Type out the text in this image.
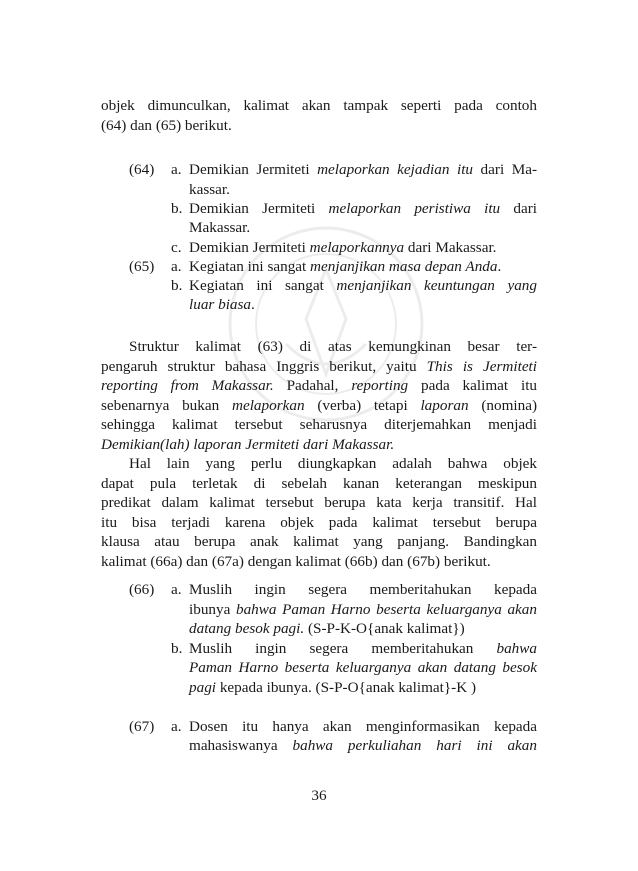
objek dimunculkan, kalimat akan tampak seperti pada contoh
(64) dan (65) berikut.
(64)	a. Demikian Jermiteti melaporkan kejadian itu dari Ma-
kassar.
b. Demikian Jermiteti melaporkan peristiwa itu dari
Makassar.
c. Demikian Jermiteti melaporkannya dari Makassar.
(65)	a. Kegiatan ini sangat menjanjikan masa depan Anda.
b. Kegiatan ini sangat menjanjikan keuntungan yang
luar biasa.
Struktur kalimat (63) di atas kemungkinan besar ter-
pengaruh struktur bahasa Inggris berikut, yaitu This is Jermiteti
reporting from Makassar. Padahal, reporting pada kalimat itu
sebenarnya bukan melaporkan (verba) tetapi laporan (nomina)
sehingga kalimat tersebut seharusnya diterjemahkan menjadi
Demikian(lah) laporan Jermiteti dari Makassar.
Hal lain yang perlu diungkapkan adalah bahwa objek
dapat pula terletak di sebelah kanan keterangan meskipun
predikat dalam kalimat tersebut berupa kata kerja transitif. Hal
itu bisa terjadi karena objek pada kalimat tersebut berupa
klausa atau berupa anak kalimat yang panjang. Bandingkan
kalimat (66a) dan (67a) dengan kalimat (66b) dan (67b) berikut.
(66)	a. Muslih ingin segera memberitahukan kepada
ibunya bahwa Paman Harno beserta keluarganya akan
datang besok pagi. (S-P-K-O{anak kalimat})
b. Muslih ingin segera memberitahukan bahwa
Paman Harno beserta keluarganya akan datang besok
pagi kepada ibunya. (S-P-O{anak kalimat}-K )
(67)	a. Dosen itu hanya akan menginformasikan kepada
mahasiswanya bahwa perkuliahan hari ini akan
36
